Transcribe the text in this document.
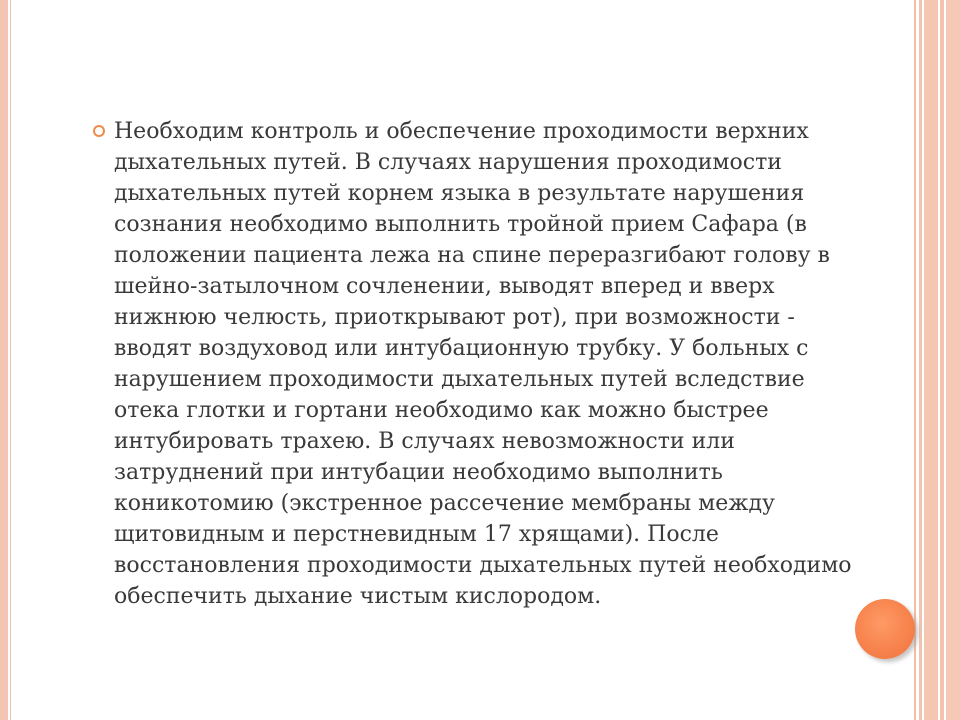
Необходим контроль и обеспечение проходимости верхних дыхательных путей. В случаях нарушения проходимости дыхательных путей корнем языка в результате нарушения сознания необходимо выполнить тройной прием Сафара (в положении пациента лежа на спине переразгибают голову в шейно-затылочном сочленении, выводят вперед и вверх нижнюю челюсть, приоткрывают рот), при возможности - вводят воздуховод или интубационную трубку. У больных с нарушением проходимости дыхательных путей вследствие отека глотки и гортани необходимо как можно быстрее интубировать трахею. В случаях невозможности или затруднений при интубации необходимо выполнить коникотомию (экстренное рассечение мембраны между щитовидным и перстневидным 17 хрящами). После восстановления проходимости дыхательных путей необходимо обеспечить дыхание чистым кислородом.
